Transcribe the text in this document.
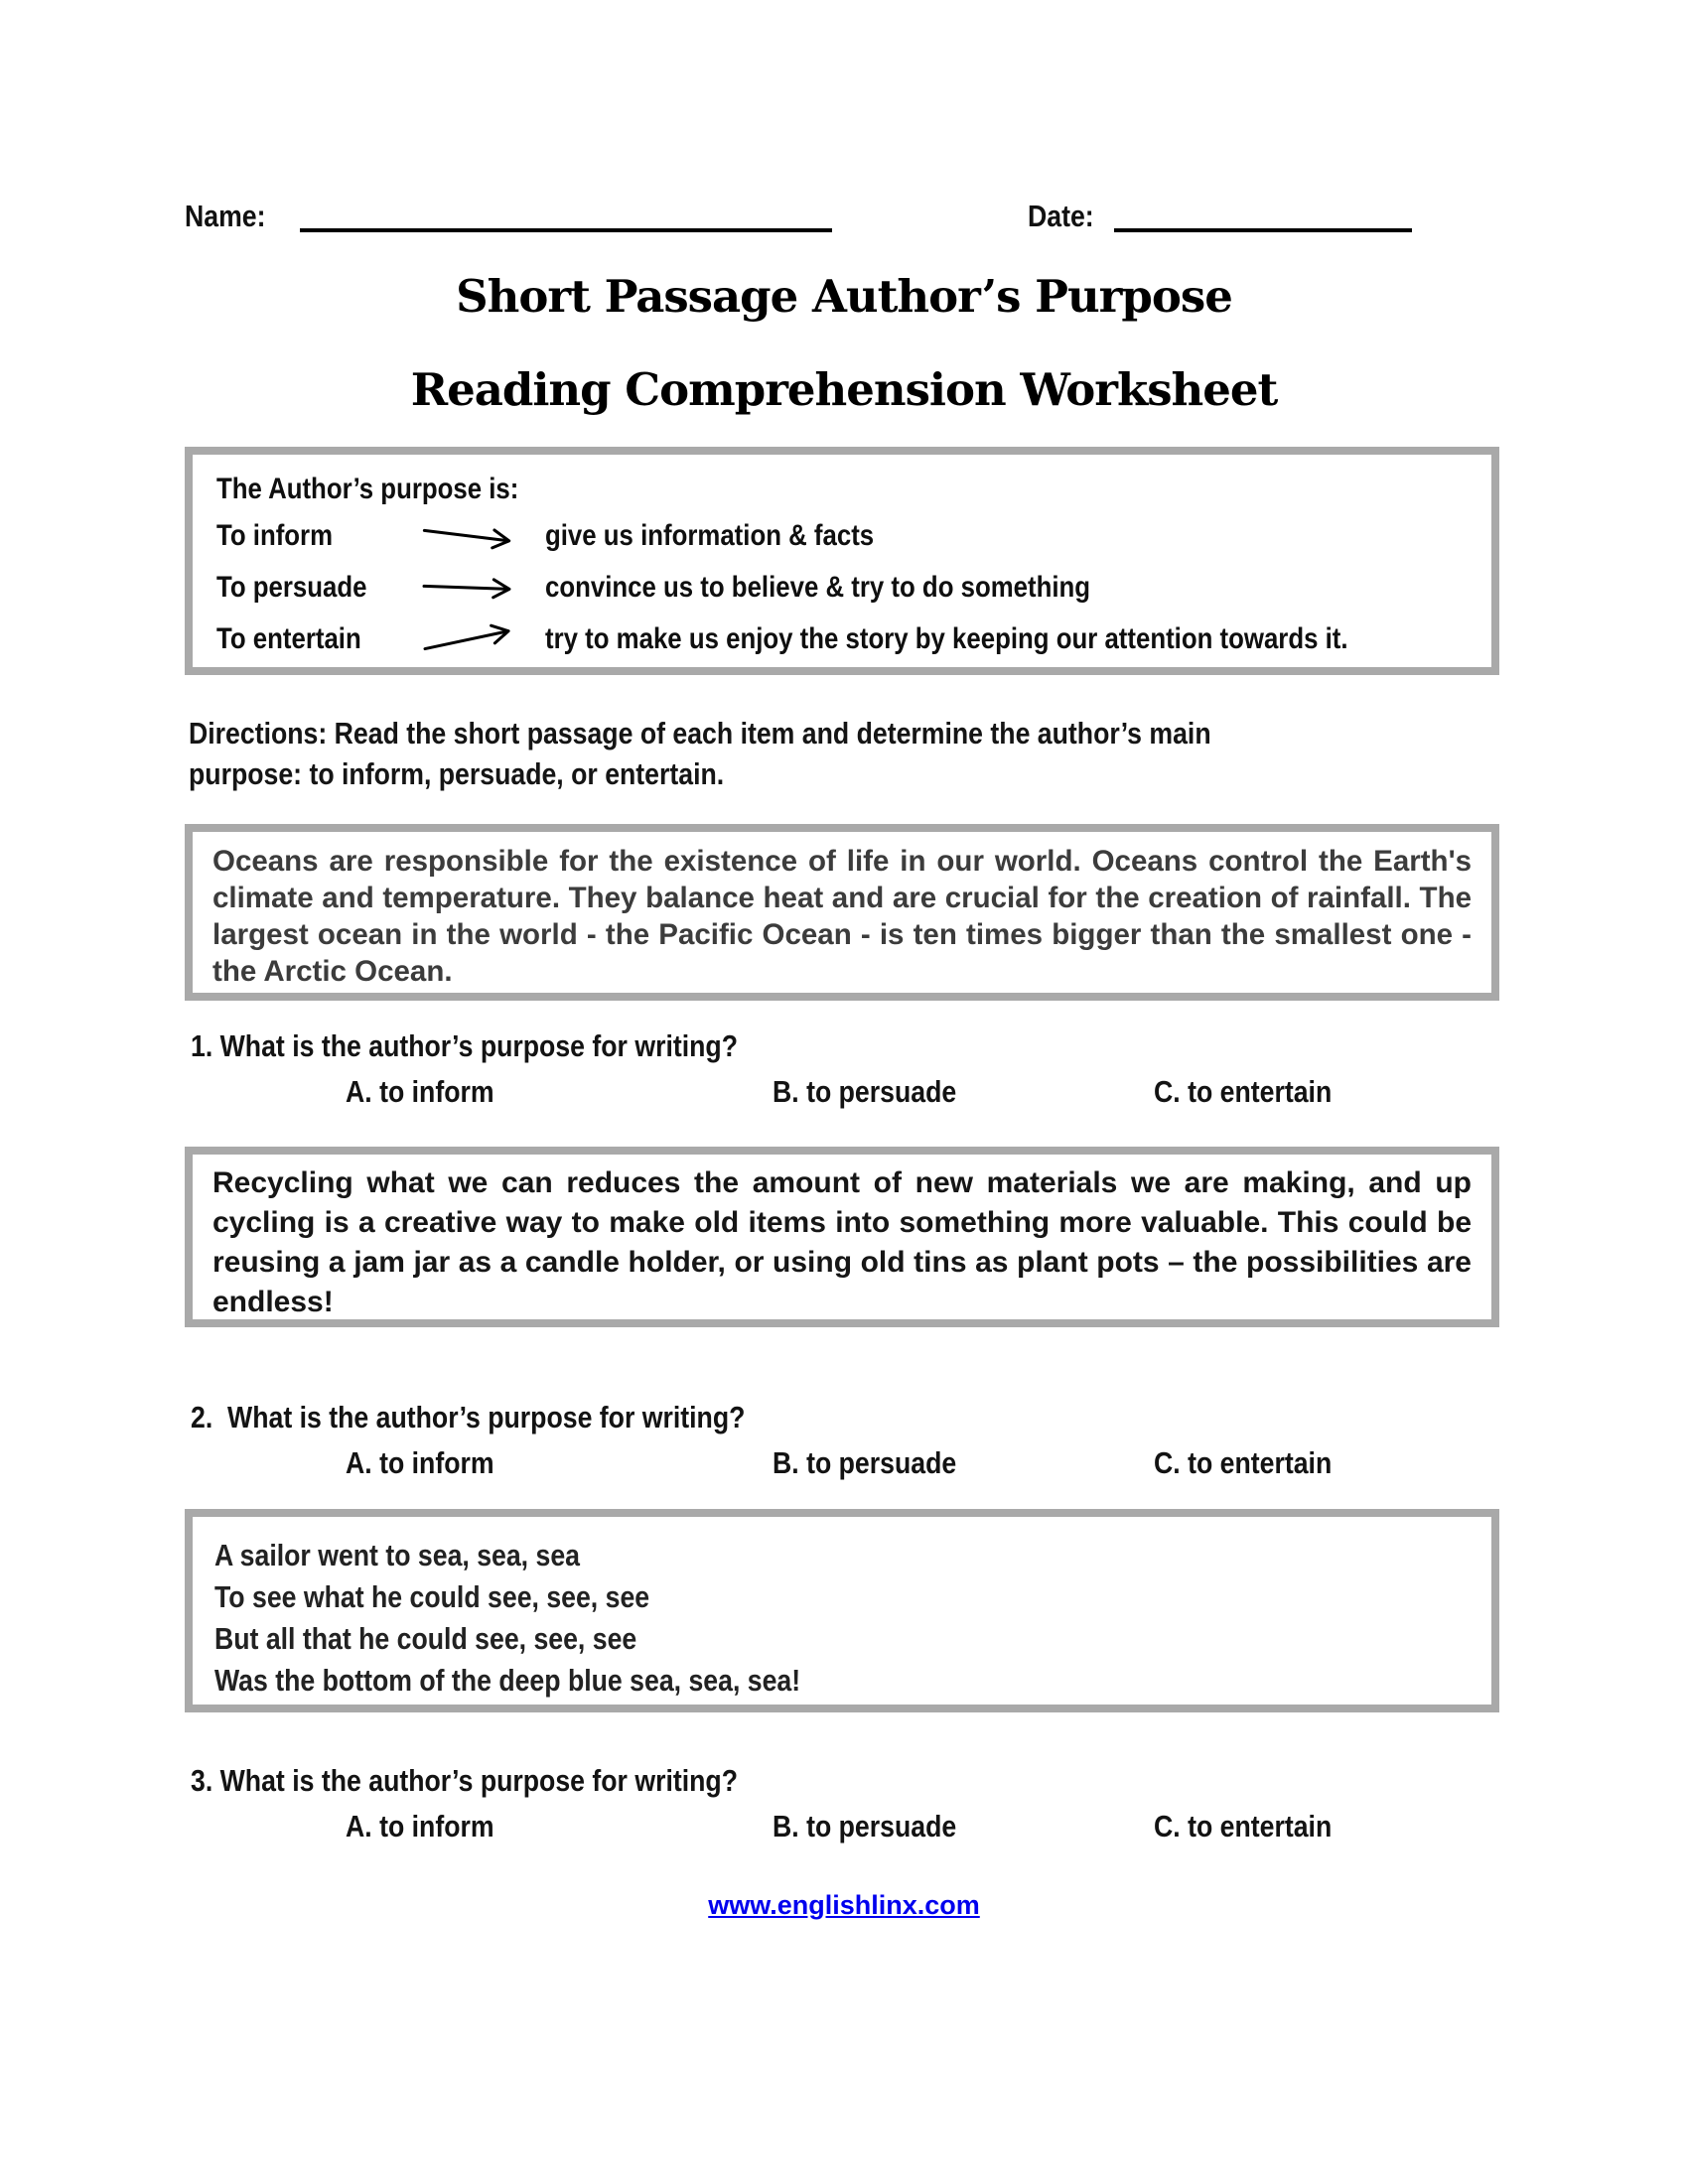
Name:	Date:
Short Passage Author’s Purpose
Reading Comprehension Worksheet
The Author’s purpose is:
To inform	give us information & facts
To persuade	convince us to believe & try to do something
To entertain	try to make us enjoy the story by keeping our attention towards it.
Directions: Read the short passage of each item and determine the author’s main
purpose: to inform, persuade, or entertain.
Oceans are responsible for the existence of life in our world. Oceans control the Earth's climate and temperature. They balance heat and are crucial for the creation of rainfall. The largest ocean in the world - the Pacific Ocean - is ten times bigger than the smallest one - the Arctic Ocean.
1. What is the author’s purpose for writing?
A. to inform	B. to persuade	C. to entertain
Recycling what we can reduces the amount of new materials we are making, and up cycling is a creative way to make old items into something more valuable. This could be reusing a jam jar as a candle holder, or using old tins as plant pots – the possibilities are endless!
2.  What is the author’s purpose for writing?
A. to inform	B. to persuade	C. to entertain
A sailor went to sea, sea, sea
To see what he could see, see, see
But all that he could see, see, see
Was the bottom of the deep blue sea, sea, sea!
3. What is the author’s purpose for writing?
A. to inform	B. to persuade	C. to entertain
www.englishlinx.com
